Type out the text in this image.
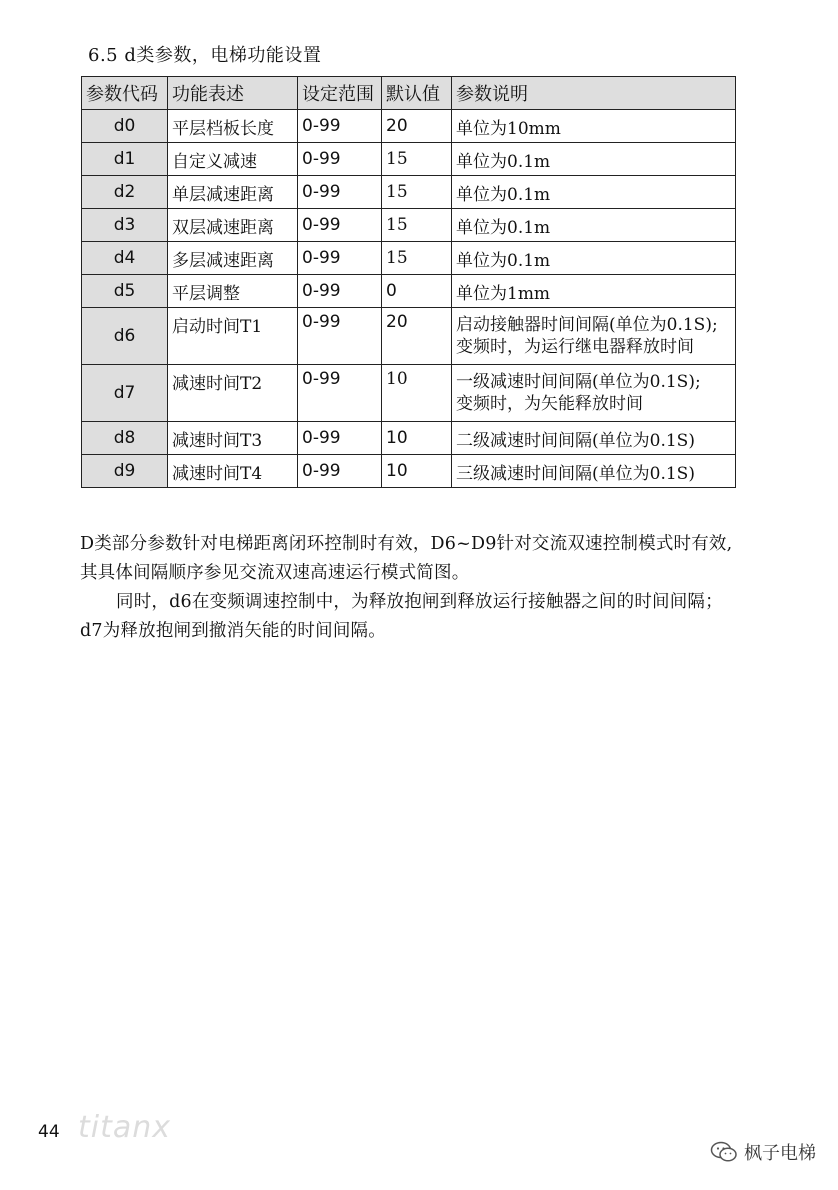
6.5 d类参数，电梯功能设置
参数代码	功能表述	设定范围	默认值	参数说明
d0	平层档板长度	0-99	20	单位为10mm
d1	自定义减速	0-99	15	单位为0.1m
d2	单层减速距离	0-99	15	单位为0.1m
d3	双层减速距离	0-99	15	单位为0.1m
d4	多层减速距离	0-99	15	单位为0.1m
d5	平层调整	0-99	0	单位为1mm
d6	启动时间T1	0-99	20	启动接触器时间间隔(单位为0.1S);
变频时，为运行继电器释放时间

d7	减速时间T2	0-99	10	一级减速时间间隔(单位为0.1S);
变频时，为矢能释放时间

d8	减速时间T3	0-99	10	二级减速时间间隔(单位为0.1S)
d9	减速时间T4	0-99	10	三级减速时间间隔(单位为0.1S)

D类部分参数针对电梯距离闭环控制时有效，D6~D9针对交流双速控制模式时有效,其具体间隔顺序参见交流双速高速运行模式简图。

同时，d6在变频调速控制中，为释放抱闸到释放运行接触器之间的时间间隔；d7为释放抱闸到撤消矢能的时间间隔。

44 titanx
枫子电梯
